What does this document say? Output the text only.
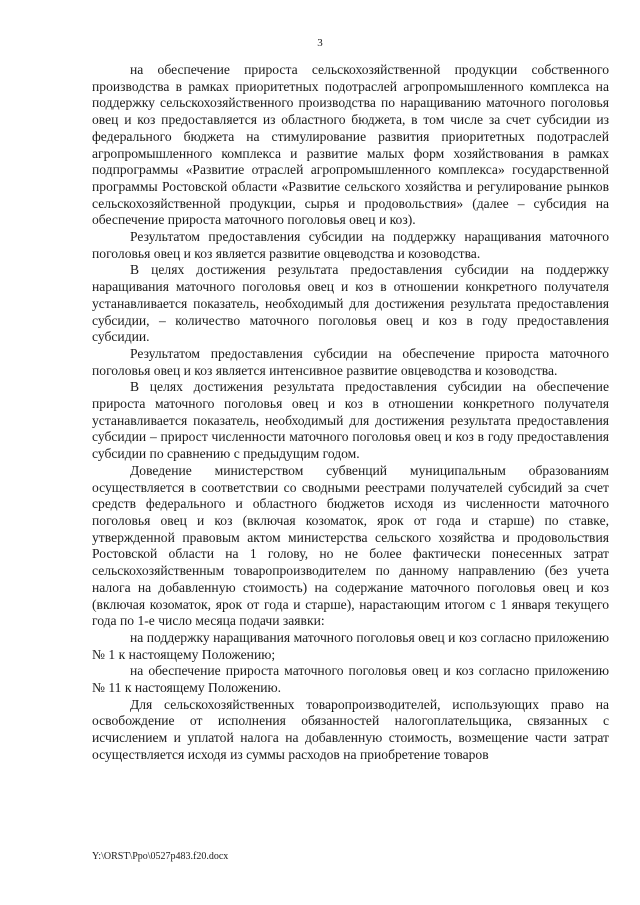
3

на обеспечение прироста сельскохозяйственной продукции собственного производства в рамках приоритетных подотраслей агропромышленного комплекса на поддержку сельскохозяйственного производства по наращиванию маточного поголовья овец и коз предоставляется из областного бюджета, в том числе за счет субсидии из федерального бюджета на стимулирование развития приоритетных подотраслей агропромышленного комплекса и развитие малых форм хозяйствования в рамках подпрограммы «Развитие отраслей агропромышленного комплекса» государственной программы Ростовской области «Развитие сельского хозяйства и регулирование рынков сельскохозяйственной продукции, сырья и продовольствия» (далее – субсидия на обеспечение прироста маточного поголовья овец и коз).

Результатом предоставления субсидии на поддержку наращивания маточного поголовья овец и коз является развитие овцеводства и козоводства.

В целях достижения результата предоставления субсидии на поддержку наращивания маточного поголовья овец и коз в отношении конкретного получателя устанавливается показатель, необходимый для достижения результата предоставления субсидии, – количество маточного поголовья овец и коз в году предоставления субсидии.

Результатом предоставления субсидии на обеспечение прироста маточного поголовья овец и коз является интенсивное развитие овцеводства и козоводства.

В целях достижения результата предоставления субсидии на обеспечение прироста маточного поголовья овец и коз в отношении конкретного получателя устанавливается показатель, необходимый для достижения результата предоставления субсидии – прирост численности маточного поголовья овец и коз в году предоставления субсидии по сравнению с предыдущим годом.

Доведение министерством субвенций муниципальным образованиям осуществляется в соответствии со сводными реестрами получателей субсидий за счет средств федерального и областного бюджетов исходя из численности маточного поголовья овец и коз (включая козоматок, ярок от года и старше) по ставке, утвержденной правовым актом министерства сельского хозяйства и продовольствия Ростовской области на 1 голову, но не более фактически понесенных затрат сельскохозяйственным товаропроизводителем по данному направлению (без учета налога на добавленную стоимость) на содержание маточного поголовья овец и коз (включая козоматок, ярок от года и старше), нарастающим итогом с 1 января текущего года по 1-е число месяца подачи заявки:

на поддержку наращивания маточного поголовья овец и коз согласно приложению № 1 к настоящему Положению;

на обеспечение прироста маточного поголовья овец и коз согласно приложению № 11 к настоящему Положению.

Для сельскохозяйственных товаропроизводителей, использующих право на освобождение от исполнения обязанностей налогоплательщика, связанных с исчислением и уплатой налога на добавленную стоимость, возмещение части затрат осуществляется исходя из суммы расходов на приобретение товаров

Y:\ORST\Ppo\0527p483.f20.docx
